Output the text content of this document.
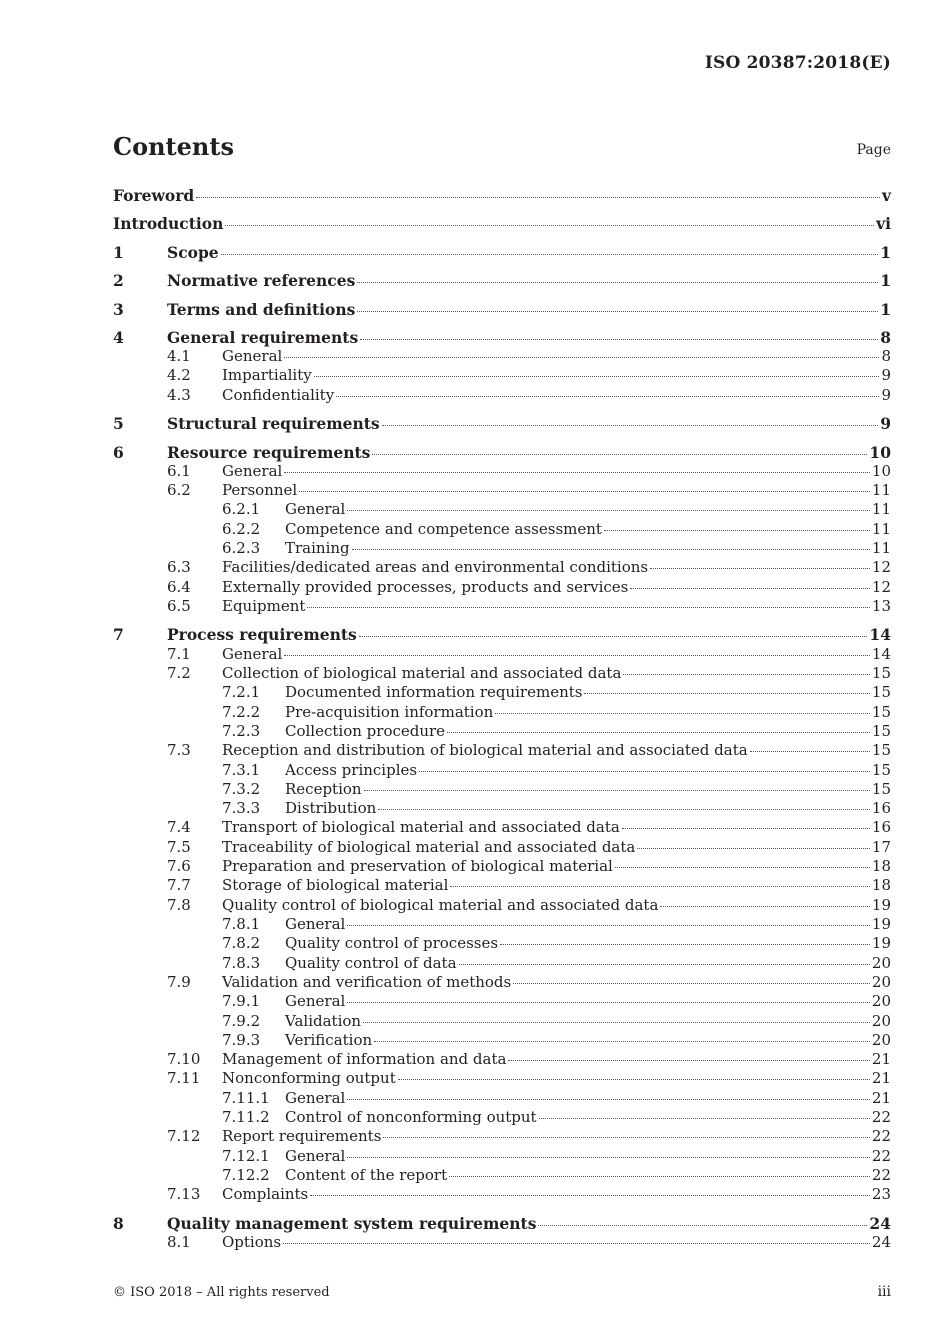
ISO 20387:2018(E)
Contents	Page
Foreword	v
Introduction	vi
1	Scope	1
2	Normative references	1
3	Terms and definitions	1
4	General requirements	8
4.1 General	8
4.2 Impartiality	9
4.3 Confidentiality	9
5	Structural requirements	9
6	Resource requirements	10
6.1 General	10
6.2 Personnel	11
6.2.1 General	11
6.2.2 Competence and competence assessment	11
6.2.3 Training	11
6.3 Facilities/dedicated areas and environmental conditions	12
6.4 Externally provided processes, products and services	12
6.5 Equipment	13
7	Process requirements	14
7.1 General	14
7.2 Collection of biological material and associated data	15
7.2.1 Documented information requirements	15
7.2.2 Pre-acquisition information	15
7.2.3 Collection procedure	15
7.3 Reception and distribution of biological material and associated data	15
7.3.1 Access principles	15
7.3.2 Reception	15
7.3.3 Distribution	16
7.4 Transport of biological material and associated data	16
7.5 Traceability of biological material and associated data	17
7.6 Preparation and preservation of biological material	18
7.7 Storage of biological material	18
7.8 Quality control of biological material and associated data	19
7.8.1 General	19
7.8.2 Quality control of processes	19
7.8.3 Quality control of data	20
7.9 Validation and verification of methods	20
7.9.1 General	20
7.9.2 Validation	20
7.9.3 Verification	20
7.10 Management of information and data	21
7.11 Nonconforming output	21
7.11.1 General	21
7.11.2 Control of nonconforming output	22
7.12 Report requirements	22
7.12.1 General	22
7.12.2 Content of the report	22
7.13 Complaints	23
8	Quality management system requirements	24
8.1 Options	24
© ISO 2018 – All rights reserved	iii
